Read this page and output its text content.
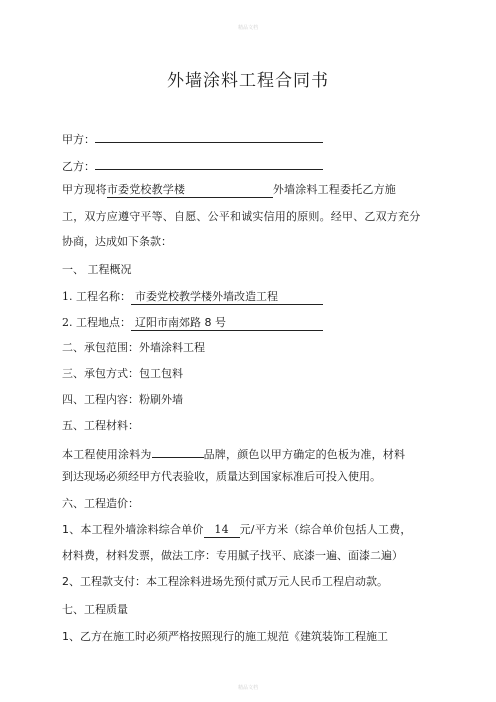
精品文档
外墙涂料工程合同书
甲方：
乙方：
甲方现将市委党校教学楼	外墙涂料工程委托乙方施
工，双方应遵守平等、自愿、公平和诚实信用的原则。经甲、乙双方充分
协商，达成如下条款：
一、 工程概况
1. 工程名称： 市委党校教学楼外墙改造工程
2. 工程地点： 辽阳市南郊路 8 号
二、承包范围：外墙涂料工程
三、承包方式：包工包料
四、工程内容：粉刷外墙
五、工程材料：
本工程使用涂料为	品牌，颜色以甲方确定的色板为准，材料
到达现场必须经甲方代表验收，质量达到国家标准后可投入使用。
六、工程造价：
1、本工程外墙涂料综合单价 14 元/平方米（综合单价包括人工费，
材料费，材料发票，做法工序：专用腻子找平、底漆一遍、面漆二遍）
2、工程款支付：本工程涂料进场先预付贰万元人民币工程启动款。
七、工程质量
1、乙方在施工时必须严格按照现行的施工规范《建筑装饰工程施工
精品文档
